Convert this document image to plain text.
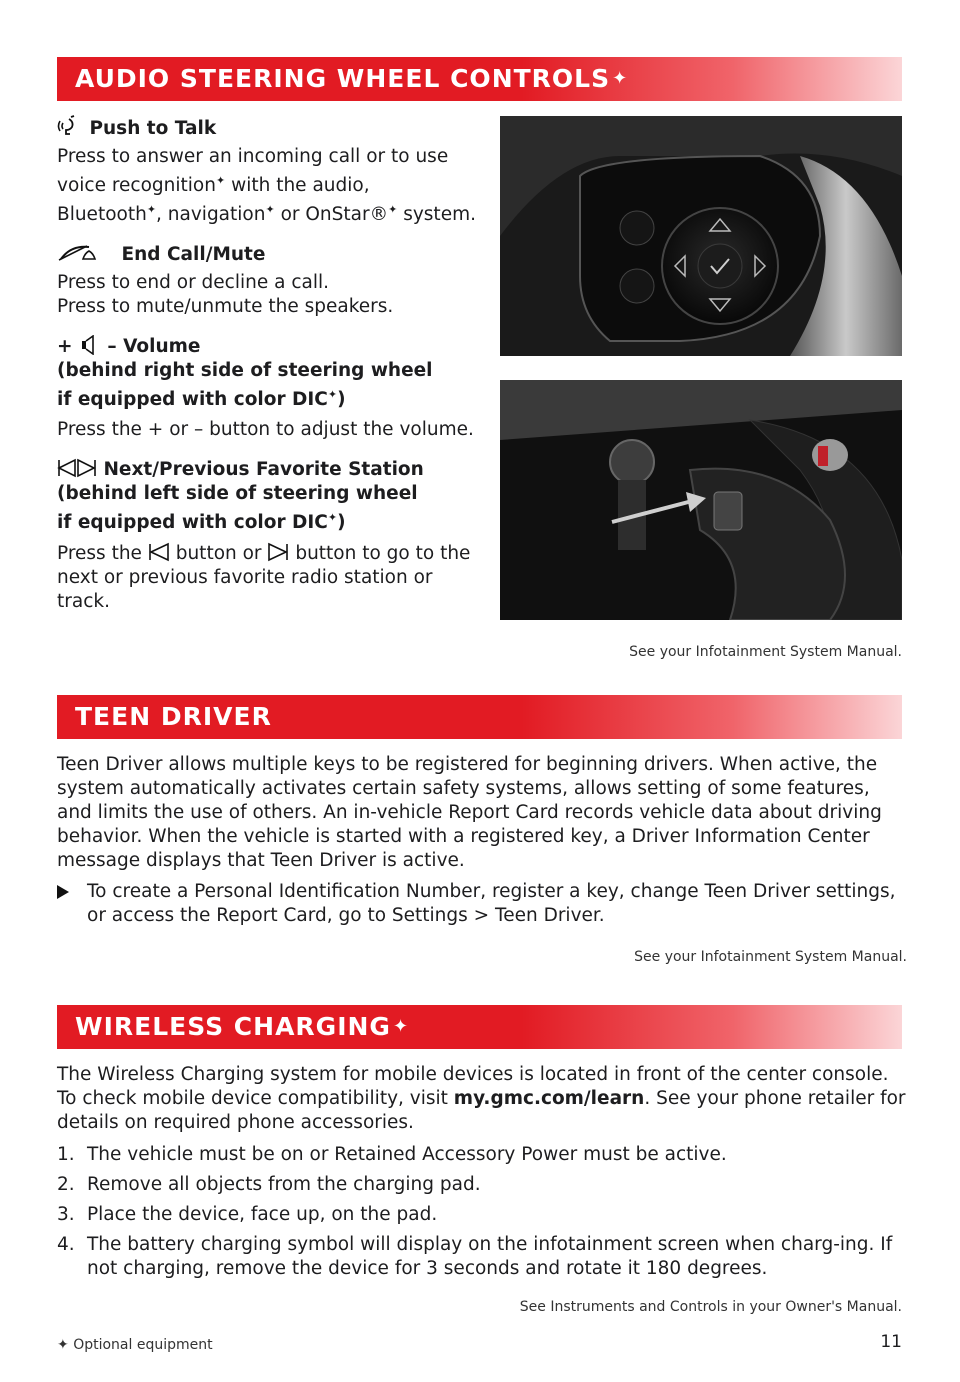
AUDIO STEERING WHEEL CONTROLS ✦
Push to Talk
Press to answer an incoming call or to use voice recognition✦ with the audio, Bluetooth✦, navigation✦ or OnStar®✦ system.
End Call/Mute
Press to end or decline a call.
Press to mute/unmute the speakers.
+ – Volume
(behind right side of steering wheel
if equipped with color DIC✦)
Press the + or – button to adjust the volume.
Next/Previous Favorite Station
(behind left side of steering wheel
if equipped with color DIC✦)
Press the button or button to go to the next or previous favorite radio station or track.
See your Infotainment System Manual.
TEEN DRIVER
Teen Driver allows multiple keys to be registered for beginning drivers. When active, the system automatically activates certain safety systems, allows setting of some features, and limits the use of others. An in-vehicle Report Card records vehicle data about driving behavior. When the vehicle is started with a registered key, a Driver Information Center message displays that Teen Driver is active.
To create a Personal Identification Number, register a key, change Teen Driver settings, or access the Report Card, go to Settings > Teen Driver.
See your Infotainment System Manual.
WIRELESS CHARGING ✦
The Wireless Charging system for mobile devices is located in front of the center console. To check mobile device compatibility, visit my.gmc.com/learn. See your phone retailer for details on required phone accessories.
1. The vehicle must be on or Retained Accessory Power must be active.
2. Remove all objects from the charging pad.
3. Place the device, face up, on the pad.
4. The battery charging symbol will display on the infotainment screen when charg-ing. If not charging, remove the device for 3 seconds and rotate it 180 degrees.
See Instruments and Controls in your Owner's Manual.
✦ Optional equipment	11
